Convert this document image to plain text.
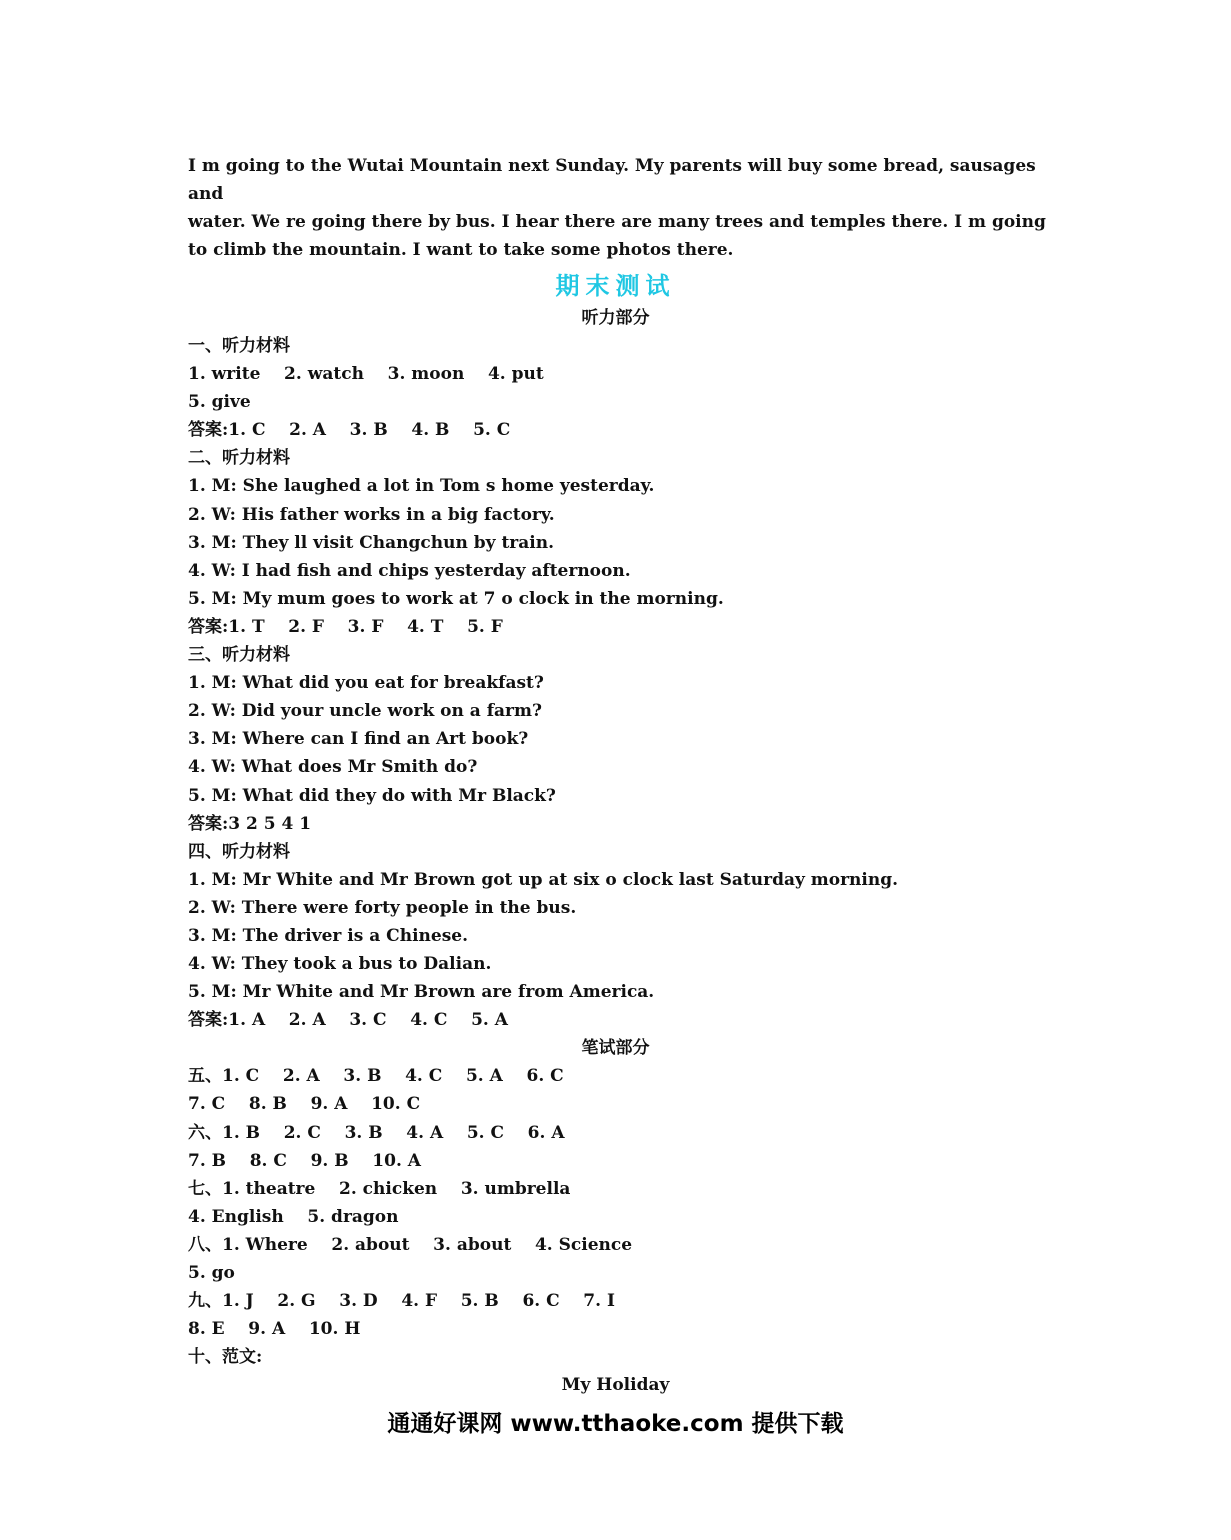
I m going to the Wutai Mountain next Sunday. My parents will buy some bread, sausages and

water. We re going there by bus. I hear there are many trees and temples there. I m going

to climb the mountain. I want to take some photos there.

期末测试
听力部分

一、听力材料

1. write    2. watch    3. moon    4. put

5. give

答案:1. C    2. A    3. B    4. B    5. C

二、听力材料

1. M: She laughed a lot in Tom s home yesterday.

2. W: His father works in a big factory.

3. M: They ll visit Changchun by train.

4. W: I had fish and chips yesterday afternoon.

5. M: My mum goes to work at 7 o clock in the morning.

答案:1. T    2. F    3. F    4. T    5. F

三、听力材料

1. M: What did you eat for breakfast?

2. W: Did your uncle work on a farm?

3. M: Where can I find an Art book?

4. W: What does Mr Smith do?

5. M: What did they do with Mr Black?

答案:3 2 5 4 1

四、听力材料

1. M: Mr White and Mr Brown got up at six o clock last Saturday morning.

2. W: There were forty people in the bus.

3. M: The driver is a Chinese.

4. W: They took a bus to Dalian.

5. M: Mr White and Mr Brown are from America.

答案:1. A    2. A    3. C    4. C    5. A

笔试部分

五、1. C    2. A    3. B    4. C    5. A    6. C

7. C    8. B    9. A    10. C

六、1. B    2. C    3. B    4. A    5. C    6. A

7. B    8. C    9. B    10. A

七、1. theatre    2. chicken    3. umbrella

4. English    5. dragon

八、1. Where    2. about    3. about    4. Science

5. go

九、1. J    2. G    3. D    4. F    5. B    6. C    7. I

8. E    9. A    10. H

十、范文:

My Holiday
通通好课网 www.tthaoke.com 提供下载
